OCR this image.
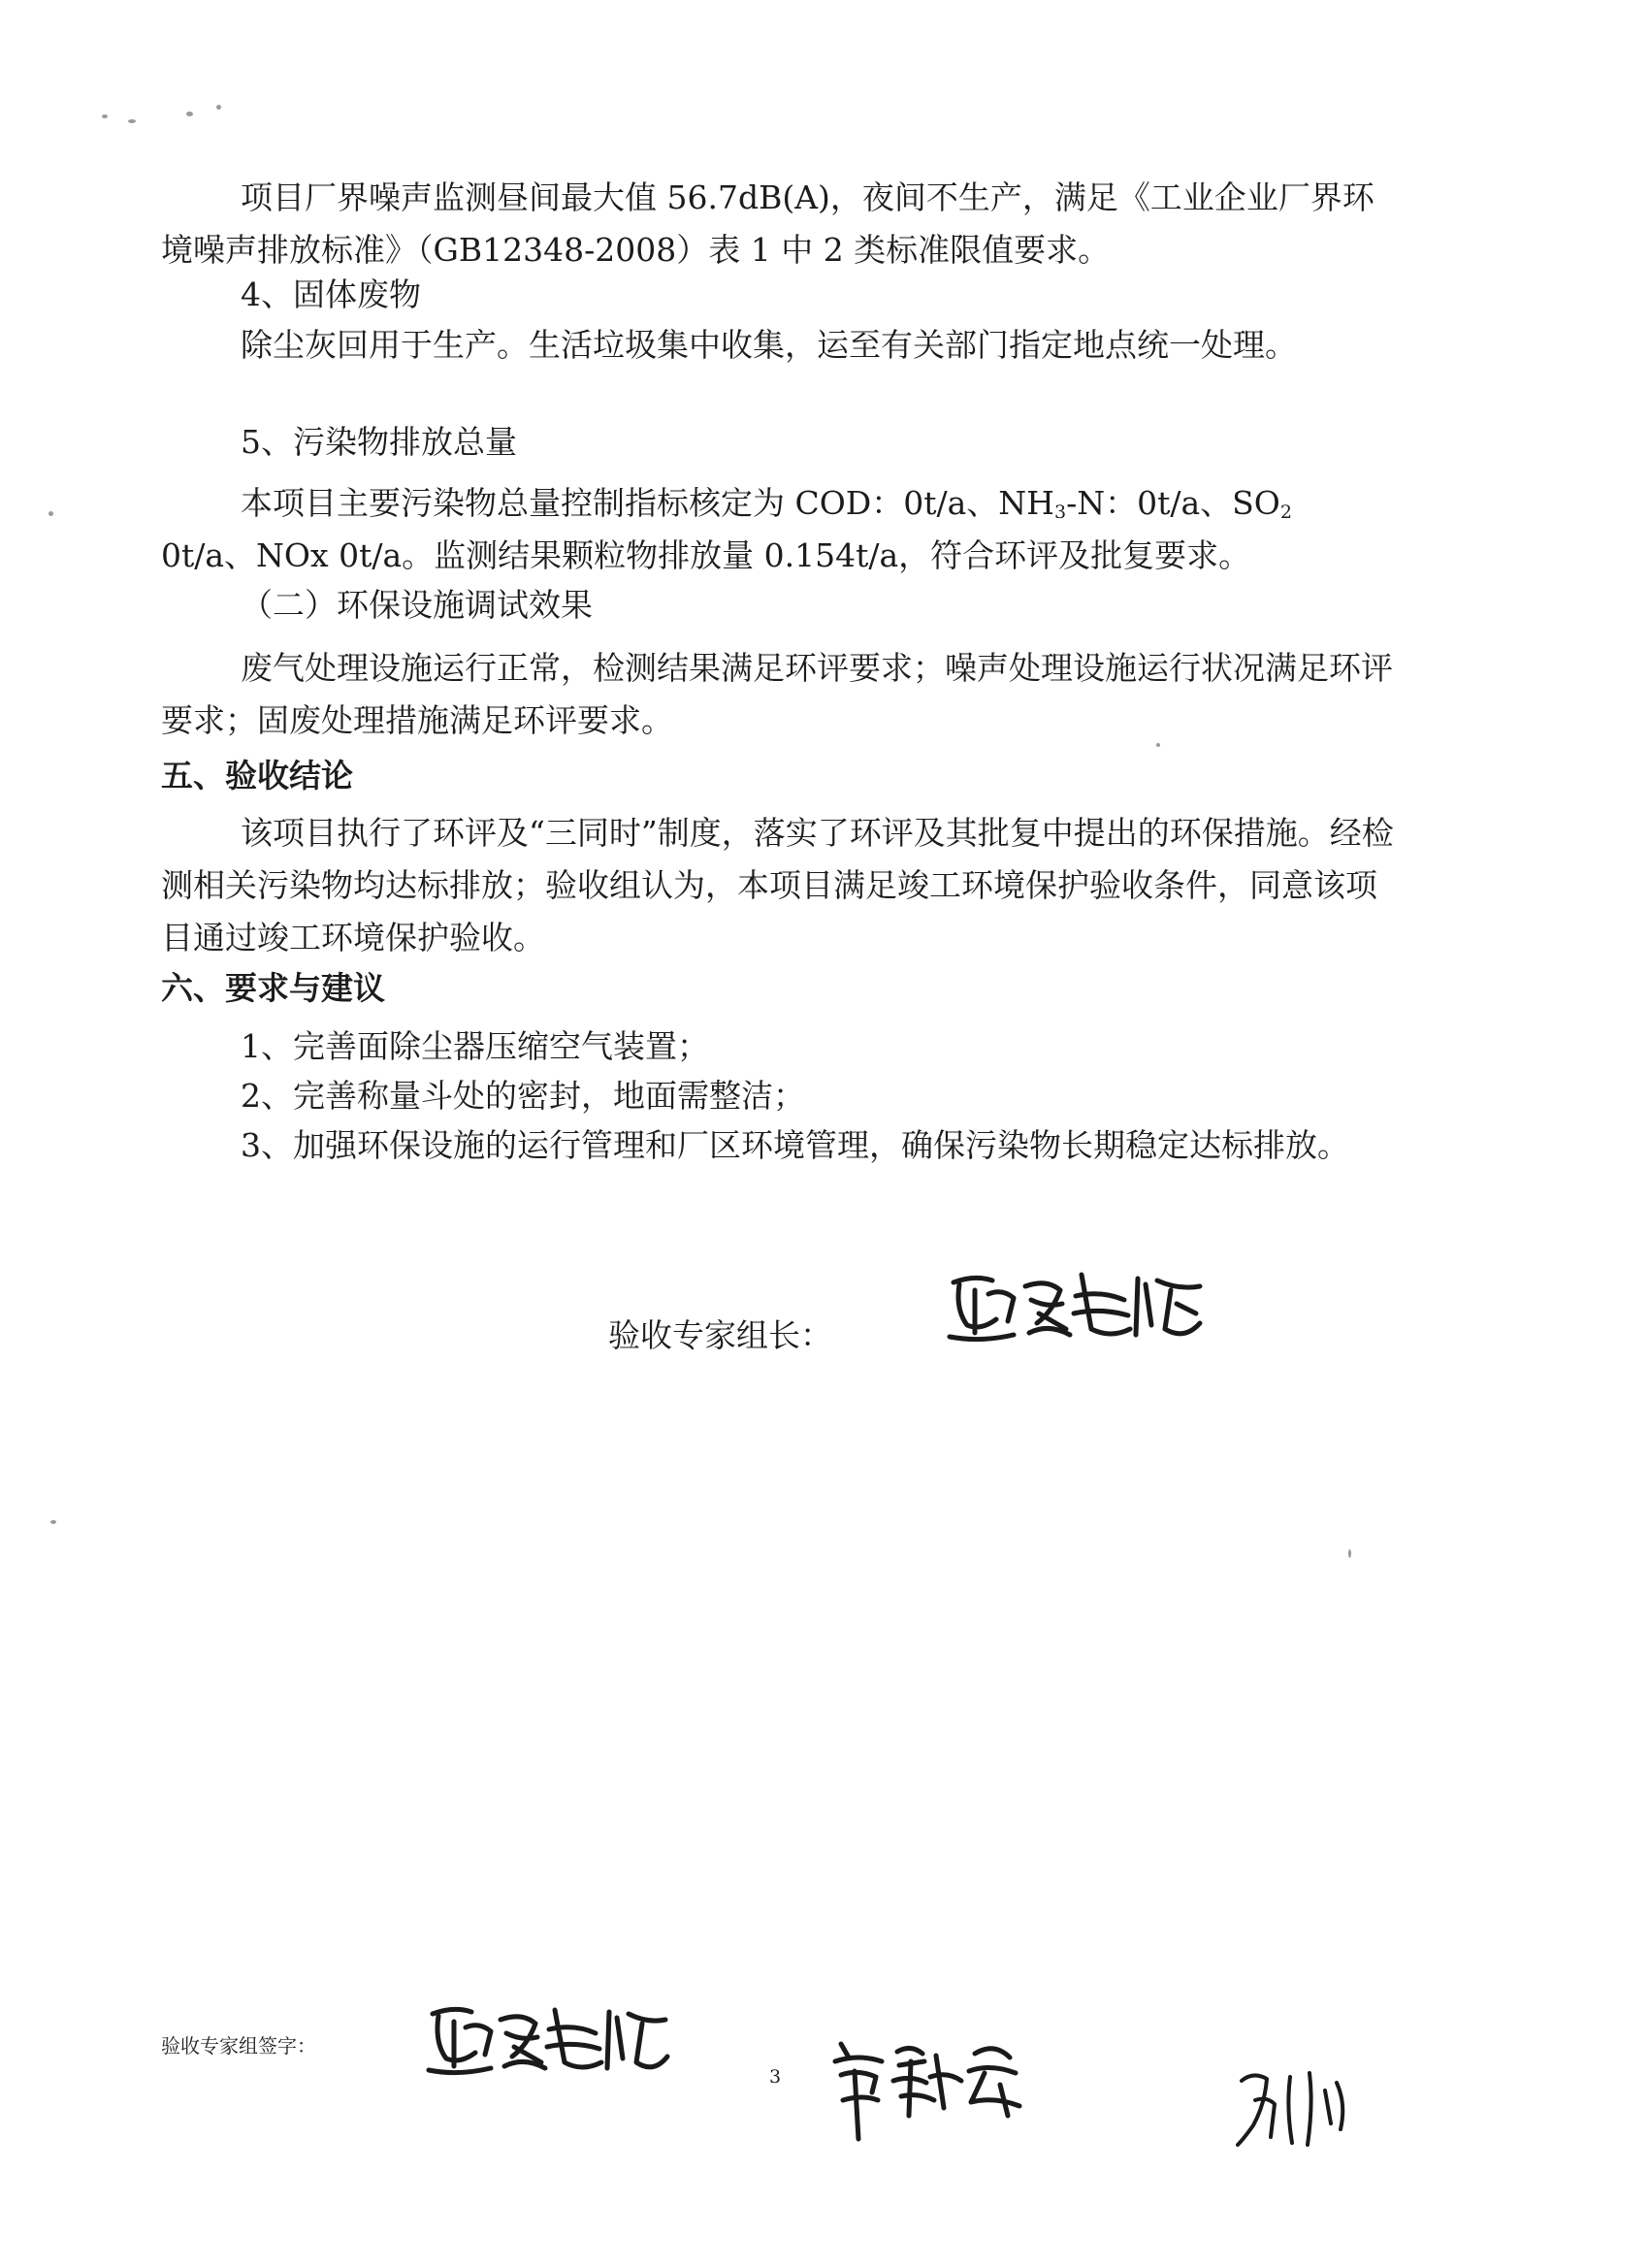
项目厂界噪声监测昼间最大值 56.7dB(A)，夜间不生产，满足《工业企业厂界环境噪声排放标准》（GB12348-2008）表 1 中 2 类标准限值要求。

4、固体废物

除尘灰回用于生产。生活垃圾集中收集，运至有关部门指定地点统一处理。

5、污染物排放总量

本项目主要污染物总量控制指标核定为 COD：0t/a、$NH_3-N$：0t/a、$SO_2$ 0t/a、NOx 0t/a。监测结果颗粒物排放量 0.154t/a，符合环评及批复要求。

（二）环保设施调试效果

废气处理设施运行正常，检测结果满足环评要求；噪声处理设施运行状况满足环评要求；固废处理措施满足环评要求。

五、验收结论

该项目执行了环评及“三同时”制度，落实了环评及其批复中提出的环保措施。经检测相关污染物均达标排放；验收组认为，本项目满足竣工环境保护验收条件，同意该项目通过竣工环境保护验收。

六、要求与建议

1、完善面除尘器压缩空气装置；

2、完善称量斗处的密封，地面需整洁；

3、加强环保设施的运行管理和厂区环境管理，确保污染物长期稳定达标排放。

验收专家组长：
验收专家组签字：
3
